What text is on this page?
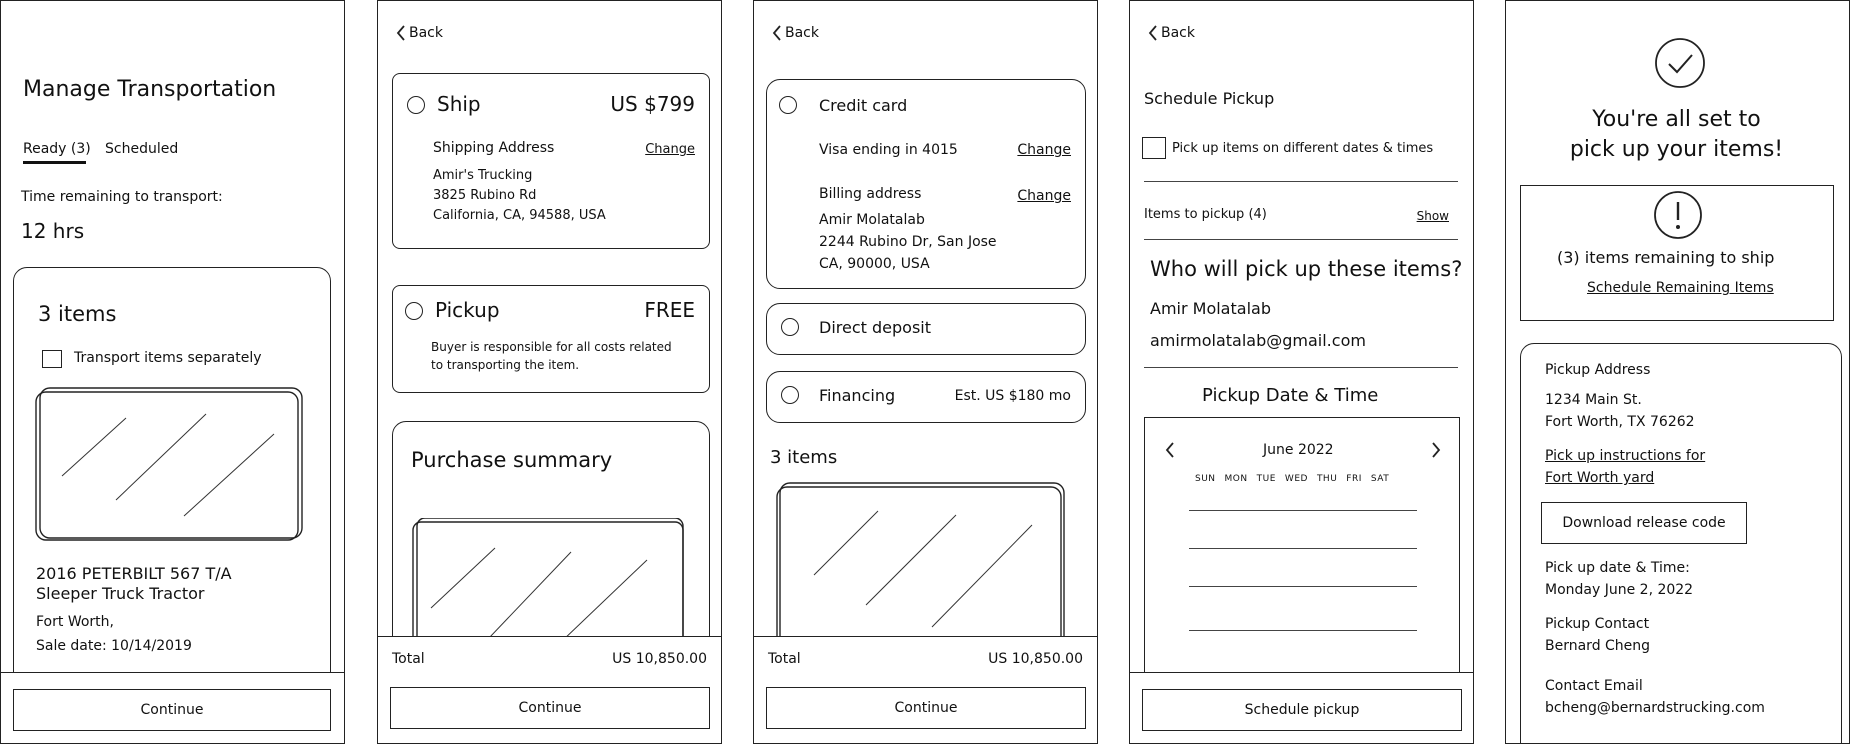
Manage Transportation
Ready (3) Scheduled
Time remaining to transport:
12 hrs
3 items
Transport items separately
2016 PETERBILT 567 T/A
Sleeper Truck Tractor
Fort Worth,
Sale date: 10/14/2019
Continue
Back
Ship	US $799
Shipping Address	Change
Amir's Trucking
3825 Rubino Rd
California, CA, 94588, USA
Pickup	FREE
Buyer is responsible for all costs related
to transporting the item.
Purchase summary
Total	US 10,850.00
Continue
Back
Credit card
Visa ending in 4015	Change
Billing address	Change
Amir Molatalab
2244 Rubino Dr, San Jose
CA, 90000, USA
Direct deposit
Financing	Est. US $180 mo
3 items
Total	US 10,850.00
Continue
Back
Schedule Pickup
Pick up items on different dates & times
Items to pickup (4)	Show
Who will pick up these items?
Amir Molatalab
amirmolatalab@gmail.com
Pickup Date & Time
June 2022
SUN MON TUE WED THU FRI SAT
Schedule pickup
You're all set to
pick up your items!
(3) items remaining to ship
Schedule Remaining Items
Pickup Address
1234 Main St.
Fort Worth, TX 76262
Pick up instructions for
Fort Worth yard
Download release code
Pick up date & Time:
Monday June 2, 2022
Pickup Contact
Bernard Cheng
Contact Email
bcheng@bernardstrucking.com
